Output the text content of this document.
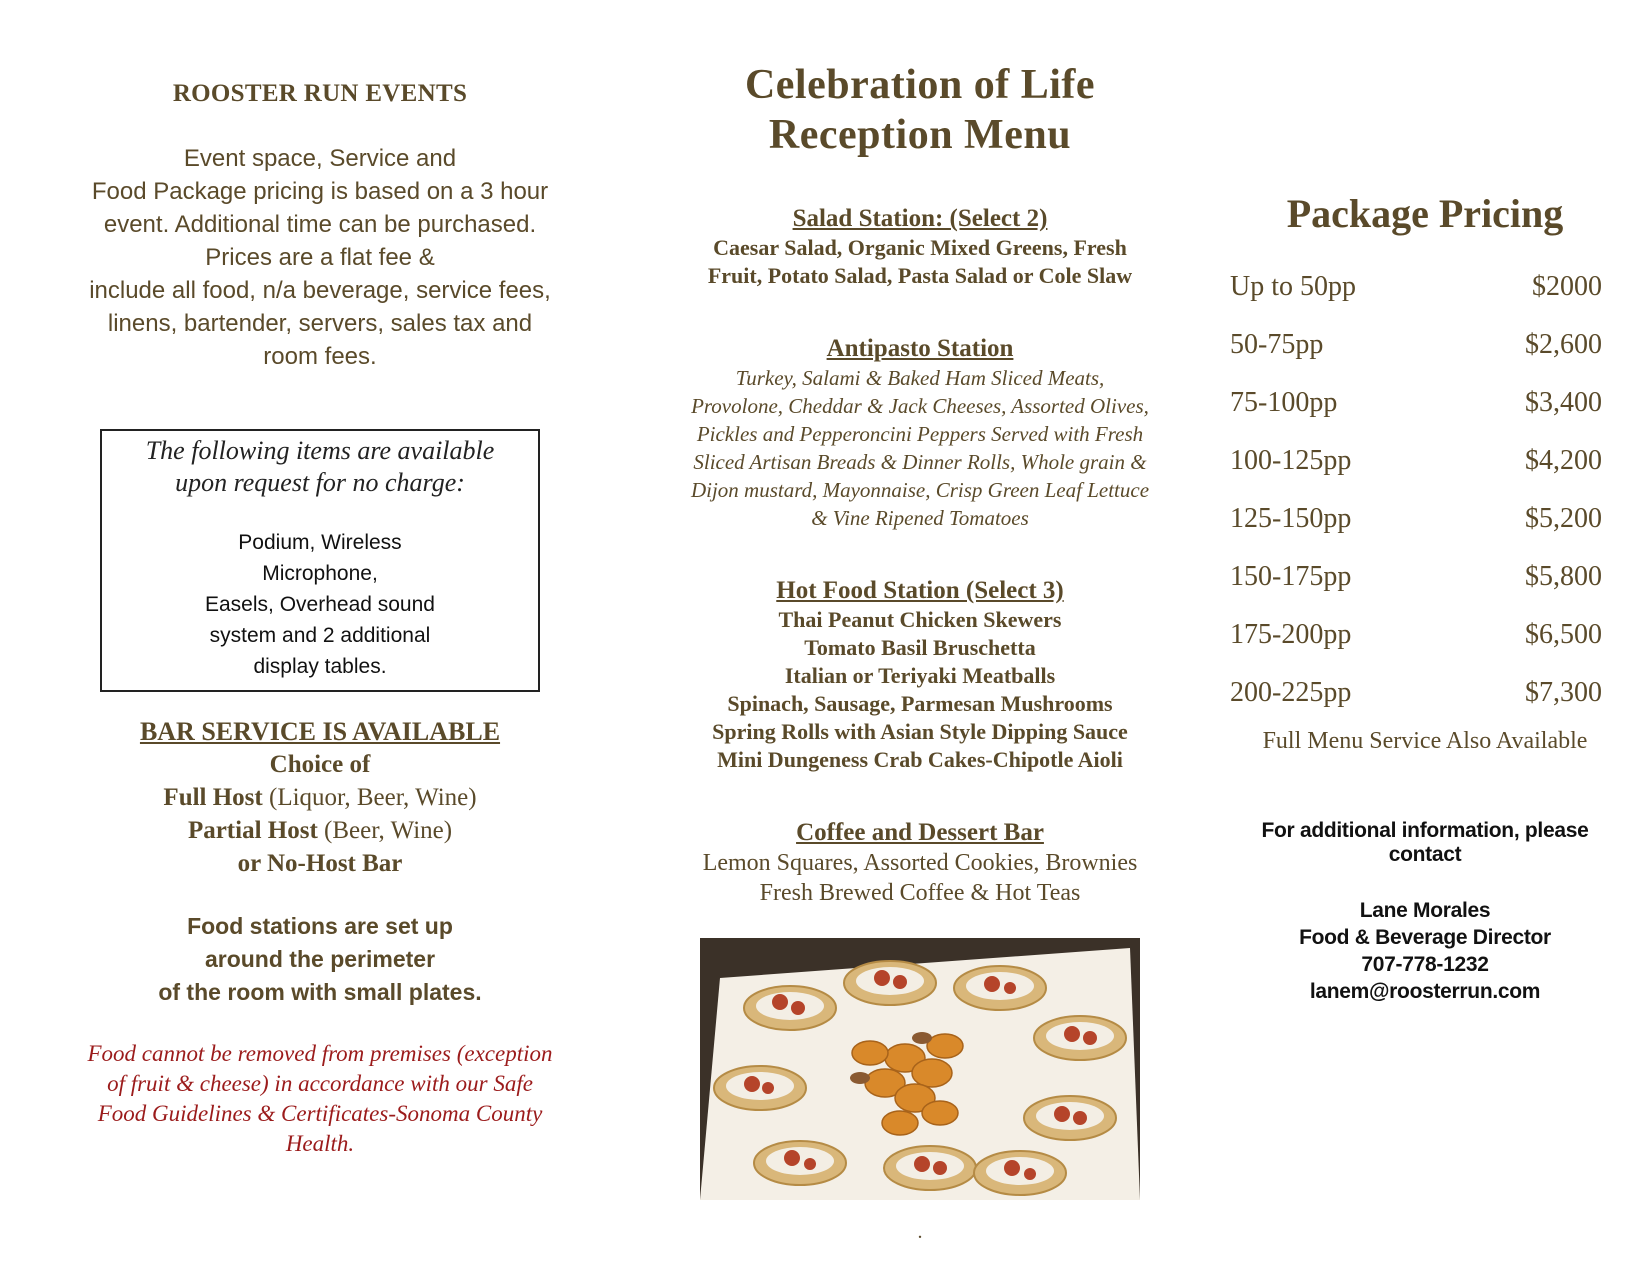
ROOSTER RUN EVENTS
Event space, Service and
Food Package pricing is based on a 3 hour
event. Additional time can be purchased.
Prices are a flat fee &
include all food, n/a beverage, service fees,
linens, bartender, servers, sales tax and
room fees.
The following items are available
upon request for no charge:
Podium, Wireless
Microphone,
Easels, Overhead sound
system and 2 additional
display tables.
BAR SERVICE IS AVAILABLE
Choice of
Full Host (Liquor, Beer, Wine)
Partial Host (Beer, Wine)
or No-Host Bar
Food stations are set up
around the perimeter
of the room with small plates.
Food cannot be removed from premises (exception
of fruit & cheese) in accordance with our Safe
Food Guidelines & Certificates-Sonoma County
Health.
Celebration of Life
Reception Menu
Salad Station: (Select 2)
Caesar Salad, Organic Mixed Greens, Fresh
Fruit, Potato Salad, Pasta Salad or Cole Slaw
Antipasto Station
Turkey, Salami & Baked Ham Sliced Meats,
Provolone, Cheddar & Jack Cheeses, Assorted Olives,
Pickles and Pepperoncini Peppers Served with Fresh
Sliced Artisan Breads & Dinner Rolls, Whole grain &
Dijon mustard, Mayonnaise, Crisp Green Leaf Lettuce
& Vine Ripened Tomatoes
Hot Food Station (Select 3)
Thai Peanut Chicken Skewers
Tomato Basil Bruschetta
Italian or Teriyaki Meatballs
Spinach, Sausage, Parmesan Mushrooms
Spring Rolls with Asian Style Dipping Sauce
Mini Dungeness Crab Cakes-Chipotle Aioli
Coffee and Dessert Bar
Lemon Squares, Assorted Cookies, Brownies
Fresh Brewed Coffee & Hot Teas
.
Package Pricing
Up to 50pp	$2000
50-75pp	$2,600
75-100pp	$3,400
100-125pp	$4,200
125-150pp	$5,200
150-175pp	$5,800
175-200pp	$6,500
200-225pp	$7,300
Full Menu Service Also Available
For additional information, please contact
Lane Morales
Food & Beverage Director
707-778-1232
lanem@roosterrun.com
